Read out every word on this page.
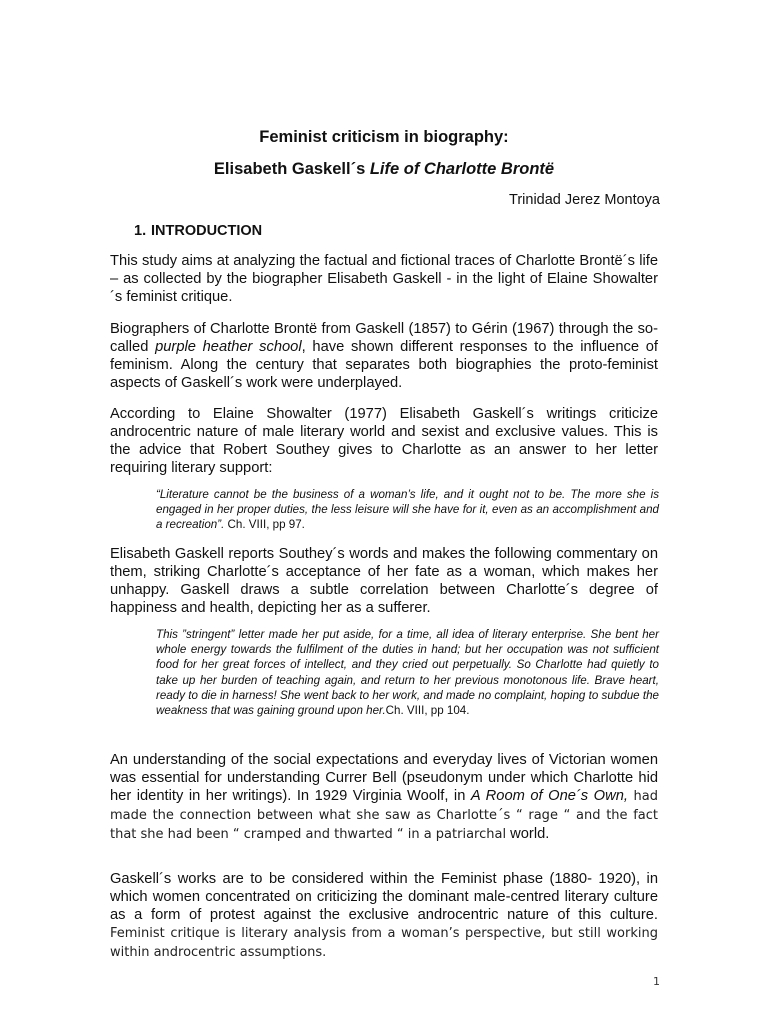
Feminist criticism in biography:
Elisabeth Gaskell´s Life of Charlotte Brontë
Trinidad Jerez Montoya
1. INTRODUCTION

This study aims at analyzing the factual and fictional traces of Charlotte Brontë´s life – as collected by the biographer Elisabeth Gaskell - in the light of Elaine Showalter´s feminist critique.

Biographers of Charlotte Brontë from Gaskell (1857) to Gérin (1967) through the so-called purple heather school, have shown different responses to the influence of feminism. Along the century that separates both biographies the proto-feminist aspects of Gaskell´s work were underplayed.

According to Elaine Showalter (1977) Elisabeth Gaskell´s writings criticize androcentric nature of male literary world and sexist and exclusive values. This is the advice that Robert Southey gives to Charlotte as an answer to her letter requiring literary support:

“Literature cannot be the business of a woman’s life, and it ought not to be. The more she is engaged in her proper duties, the less leisure will she have for it, even as an accomplishment and a recreation”. Ch. VIII, pp 97.

Elisabeth Gaskell reports Southey´s words and makes the following commentary on them, striking Charlotte´s acceptance of her fate as a woman, which makes her unhappy. Gaskell draws a subtle correlation between Charlotte´s degree of happiness and health, depicting her as a sufferer.

This ”stringent” letter made her put aside, for a time, all idea of literary enterprise. She bent her whole energy towards the fulfilment of the duties in hand; but her occupation was not sufficient food for her great forces of intellect, and they cried out perpetually. So Charlotte had quietly to take up her burden of teaching again, and return to her previous monotonous life. Brave heart, ready to die in harness! She went back to her work, and made no complaint, hoping to subdue the weakness that was gaining ground upon her.Ch. VIII, pp 104.

An understanding of the social expectations and everyday lives of Victorian women was essential for understanding Currer Bell (pseudonym under which Charlotte hid her identity in her writings). In 1929 Virginia Woolf, in A Room of One´s Own, had made the connection between what she saw as Charlotte´s “ rage “ and the fact that she had been “ cramped and thwarted “ in a patriarchal world.

Gaskell´s works are to be considered within the Feminist phase (1880- 1920), in which women concentrated on criticizing the dominant male-centred literary culture as a form of protest against the exclusive androcentric nature of this culture. Feminist critique is literary analysis from a woman’s perspective, but still working within androcentric assumptions.

1
